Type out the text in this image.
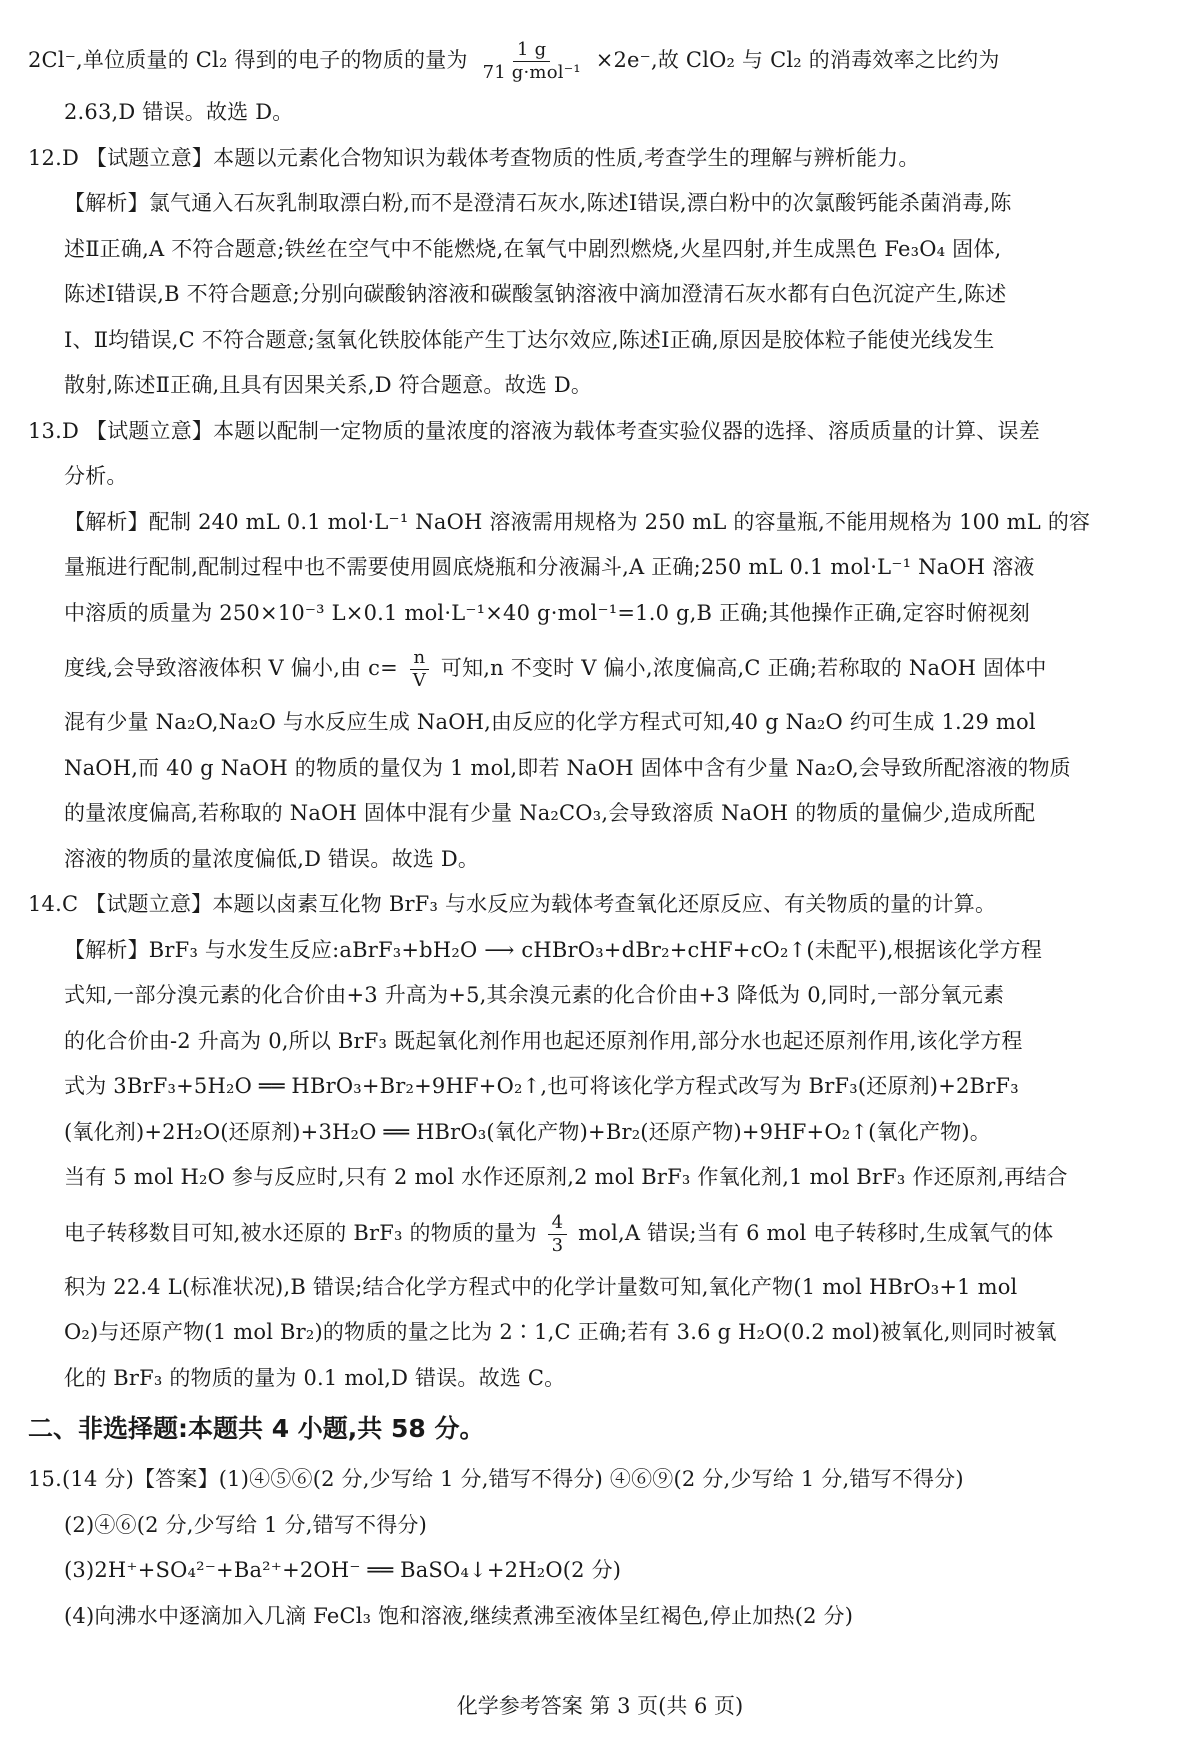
2Cl⁻,单位质量的 Cl₂ 得到的电子的物质的量为 $\frac{1 g}{\text{71 g·mol⁻¹}} \times 2e^-$,故 ClO₂ 与 Cl₂ 的消毒效率之比约为
2.63,D 错误。故选 D。
12.D 【试题立意】本题以元素化合物知识为载体考查物质的性质,考查学生的理解与辨析能力。
【解析】氯气通入石灰乳制取漂白粉,而不是澄清石灰水,陈述Ⅰ错误,漂白粉中的次氯酸钙能杀菌消毒,陈
述Ⅱ正确,A 不符合题意;铁丝在空气中不能燃烧,在氧气中剧烈燃烧,火星四射,并生成黑色 Fe₃O₄ 固体,
陈述Ⅰ错误,B 不符合题意;分别向碳酸钠溶液和碳酸氢钠溶液中滴加澄清石灰水都有白色沉淀产生,陈述
Ⅰ、Ⅱ均错误,C 不符合题意;氢氧化铁胶体能产生丁达尔效应,陈述Ⅰ正确,原因是胶体粒子能使光线发生
散射,陈述Ⅱ正确,且具有因果关系,D 符合题意。故选 D。
13.D 【试题立意】本题以配制一定物质的量浓度的溶液为载体考查实验仪器的选择、溶质质量的计算、误差
分析。
【解析】配制 240 mL 0.1 mol·L⁻¹ NaOH 溶液需用规格为 250 mL 的容量瓶,不能用规格为 100 mL 的容
量瓶进行配制,配制过程中也不需要使用圆底烧瓶和分液漏斗,A 正确;250 mL 0.1 mol·L⁻¹ NaOH 溶液
中溶质的质量为 250×10⁻³ L×0.1 mol·L⁻¹×40 g·mol⁻¹=1.0 g,B 正确;其他操作正确,定容时俯视刻
度线,会导致溶液体积 V 偏小,由 $c= \frac{n}{V}$ 可知,n 不变时 V 偏小,浓度偏高,C 正确;若称取的 NaOH 固体中
混有少量 Na₂O,Na₂O 与水反应生成 NaOH,由反应的化学方程式可知,40 g Na₂O 约可生成 1.29 mol
NaOH,而 40 g NaOH 的物质的量仅为 1 mol,即若 NaOH 固体中含有少量 Na₂O,会导致所配溶液的物质
的量浓度偏高,若称取的 NaOH 固体中混有少量 Na₂CO₃,会导致溶质 NaOH 的物质的量偏少,造成所配
溶液的物质的量浓度偏低,D 错误。故选 D。
14.C 【试题立意】本题以卤素互化物 BrF₃ 与水反应为载体考查氧化还原反应、有关物质的量的计算。
【解析】BrF₃ 与水发生反应:aBrF₃+bH₂O ⟶ cHBrO₃+dBr₂+cHF+cO₂↑(未配平),根据该化学方程
式知,一部分溴元素的化合价由+3 升高为+5,其余溴元素的化合价由+3 降低为 0,同时,一部分氧元素
的化合价由-2 升高为 0,所以 BrF₃ 既起氧化剂作用也起还原剂作用,部分水也起还原剂作用,该化学方程
式为 3BrF₃+5H₂O ══ HBrO₃+Br₂+9HF+O₂↑,也可将该化学方程式改写为 BrF₃(还原剂)+2BrF₃
(氧化剂)+2H₂O(还原剂)+3H₂O ══ HBrO₃(氧化产物)+Br₂(还原产物)+9HF+O₂↑(氧化产物)。
当有 5 mol H₂O 参与反应时,只有 2 mol 水作还原剂,2 mol BrF₃ 作氧化剂,1 mol BrF₃ 作还原剂,再结合
电子转移数目可知,被水还原的 BrF₃ 的物质的量为 $\frac{4}{3} mol,A$ 错误;当有 6 mol 电子转移时,生成氧气的体
积为 22.4 L(标准状况),B 错误;结合化学方程式中的化学计量数可知,氧化产物(1 mol HBrO₃+1 mol
O₂)与还原产物(1 mol Br₂)的物质的量之比为 2∶1,C 正确;若有 3.6 g H₂O(0.2 mol)被氧化,则同时被氧
化的 BrF₃ 的物质的量为 0.1 mol,D 错误。故选 C。
二、非选择题:本题共 4 小题,共 58 分。
15.(14 分)【答案】(1)④⑤⑥(2 分,少写给 1 分,错写不得分) ④⑥⑨(2 分,少写给 1 分,错写不得分)
(2)④⑥(2 分,少写给 1 分,错写不得分)
(3)2H⁺+SO₄²⁻+Ba²⁺+2OH⁻ ══ BaSO₄↓+2H₂O(2 分)
(4)向沸水中逐滴加入几滴 FeCl₃ 饱和溶液,继续煮沸至液体呈红褐色,停止加热(2 分)
化学参考答案 第 3 页(共 6 页)
